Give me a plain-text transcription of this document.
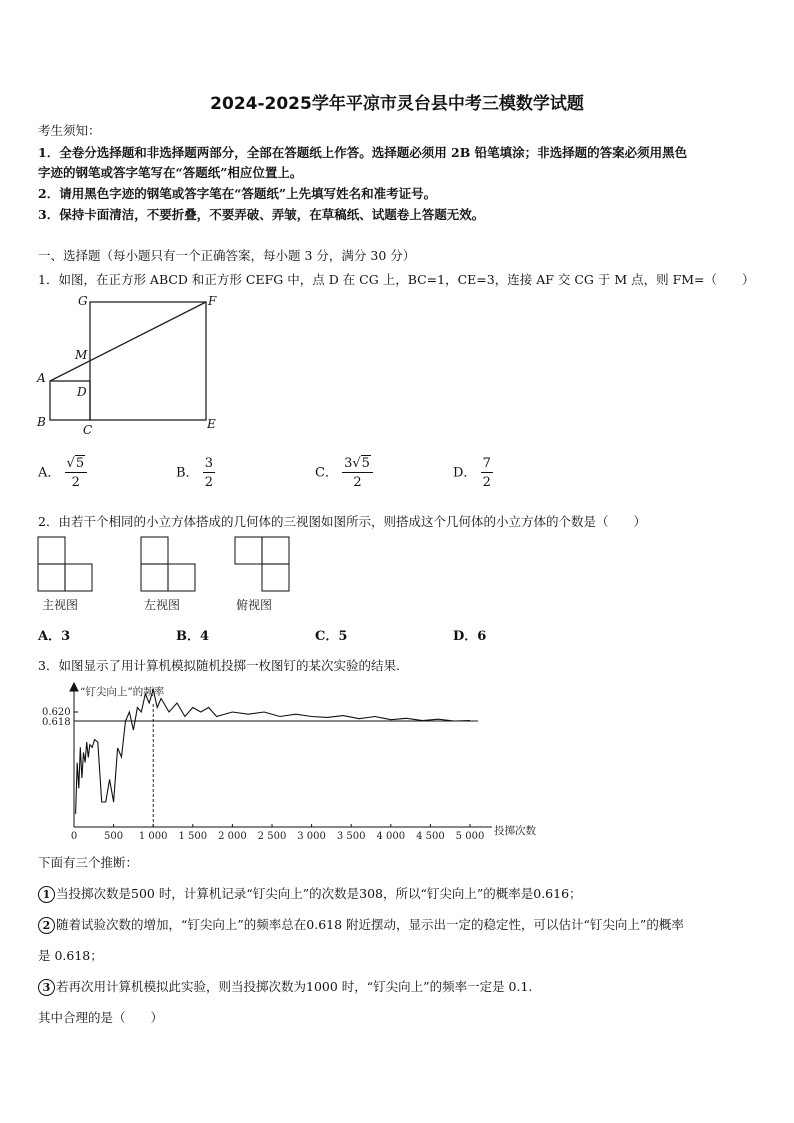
2024-2025学年平凉市灵台县中考三模数学试题
考生须知：
1．全卷分选择题和非选择题两部分，全部在答题纸上作答。选择题必须用 2B 铅笔填涂；非选择题的答案必须用黑色
字迹的钢笔或答字笔写在“答题纸”相应位置上。
2．请用黑色字迹的钢笔或答字笔在“答题纸”上先填写姓名和准考证号。
3．保持卡面清洁，不要折叠，不要弄破、弄皱，在草稿纸、试题卷上答题无效。
一、选择题（每小题只有一个正确答案，每小题 3 分，满分 30 分）
1．如图，在正方形 ABCD 和正方形 CEFG 中，点 D 在 CG 上，BC=1，CE=3，连接 AF 交 CG 于 M 点，则 FM=（　　）
G	F
M
A
D
B
C	E
A． $\frac{√5}{2}$	B． $\frac{3}{2}$	C． $\frac{3√5}{2}$	D． $\frac{7}{2}$
2．由若干个相同的小立方体搭成的几何体的三视图如图所示，则搭成这个几何体的小立方体的个数是（　　）
主视图	左视图	俯视图
A．3	B．4	C．5	D．6
3．如图显示了用计算机模拟随机投掷一枚图钉的某次实验的结果.
“钉尖向上”的频率
投掷次数
0.620
0.618
0	500 1 000 1 500 2 000 2 500 3 000 3 500 4 000 4 500 5 000
下面有三个推断：
1 当投掷次数是500 时，计算机记录“钉尖向上”的次数是308，所以“钉尖向上”的概率是0.616；
2 随着试验次数的增加，“钉尖向上”的频率总在0.618 附近摆动，显示出一定的稳定性，可以估计“钉尖向上”的概率
是 0.618；
3 若再次用计算机模拟此实验，则当投掷次数为1000 时，“钉尖向上”的频率一定是 0.1.
其中合理的是（　　）
